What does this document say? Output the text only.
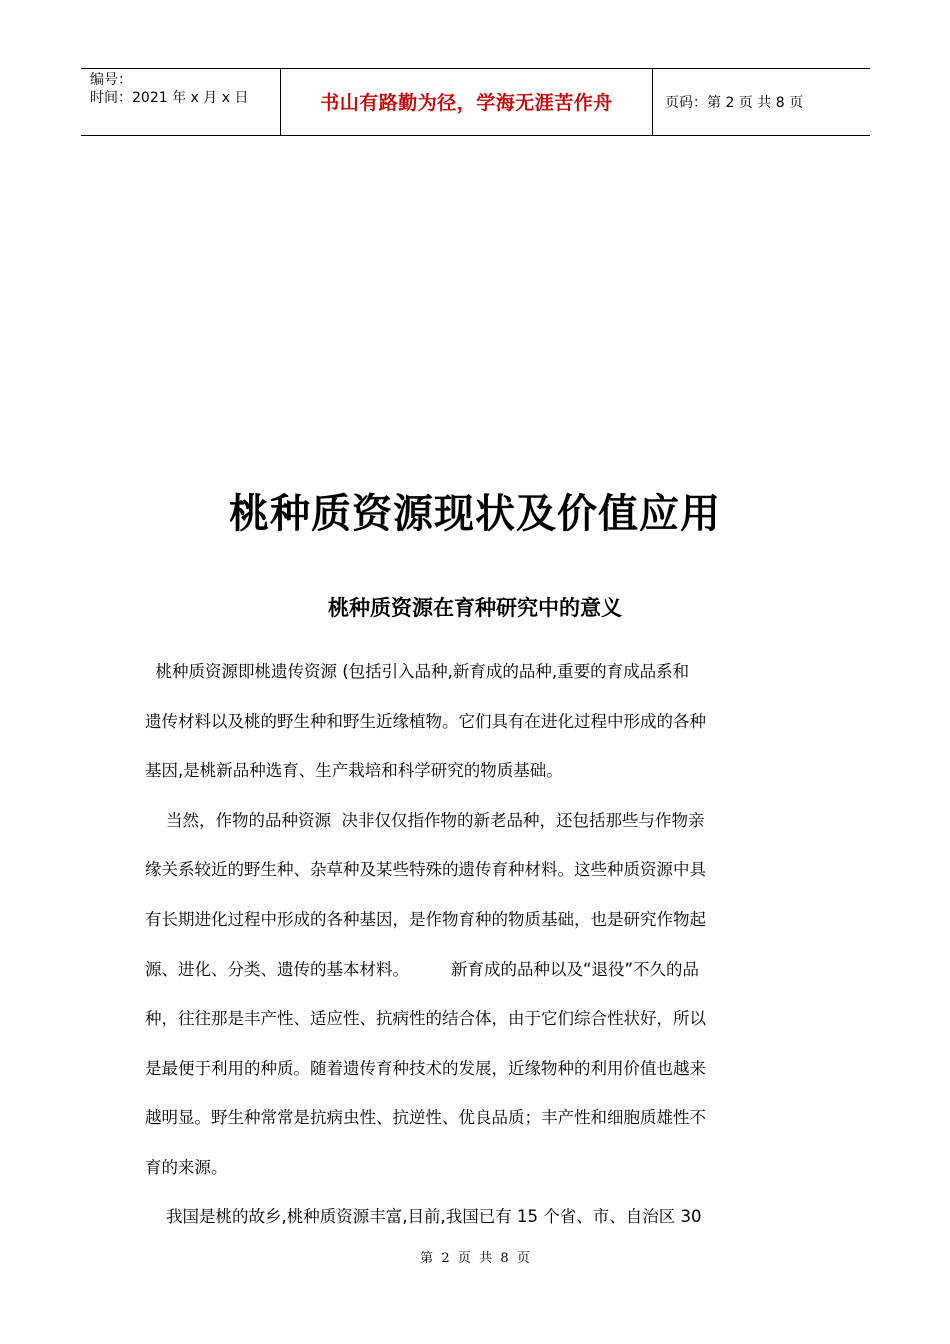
编号：
时间：2021 年 x 月 x 日	书山有路勤为径，学海无涯苦作舟	页码：第 2 页 共 8 页
桃种质资源现状及价值应用
桃种质资源在育种研究中的意义
桃种质资源即桃遗传资源 (包括引入品种,新育成的品种,重要的育成品系和
遗传材料以及桃的野生种和野生近缘植物。它们具有在进化过程中形成的各种
基因,是桃新品种选育、生产栽培和科学研究的物质基础。
当然，作物的品种资源  决非仅仅指作物的新老品种，还包括那些与作物亲
缘关系较近的野生种、杂草种及某些特殊的遗传育种材料。这些种质资源中具
有长期进化过程中形成的各种基因，是作物育种的物质基础，也是研究作物起
源、进化、分类、遗传的基本材料。        新育成的品种以及“退役”不久的品
种，往往那是丰产性、适应性、抗病性的结合体，由于它们综合性状好，所以
是最便于利用的种质。随着遗传育种技术的发展，近缘物种的利用价值也越来
越明显。野生种常常是抗病虫性、抗逆性、优良品质；丰产性和细胞质雄性不
育的来源。
我国是桃的故乡,桃种质资源丰富,目前,我国已有 15 个省、市、自治区 30
第  2  页  共  8  页
